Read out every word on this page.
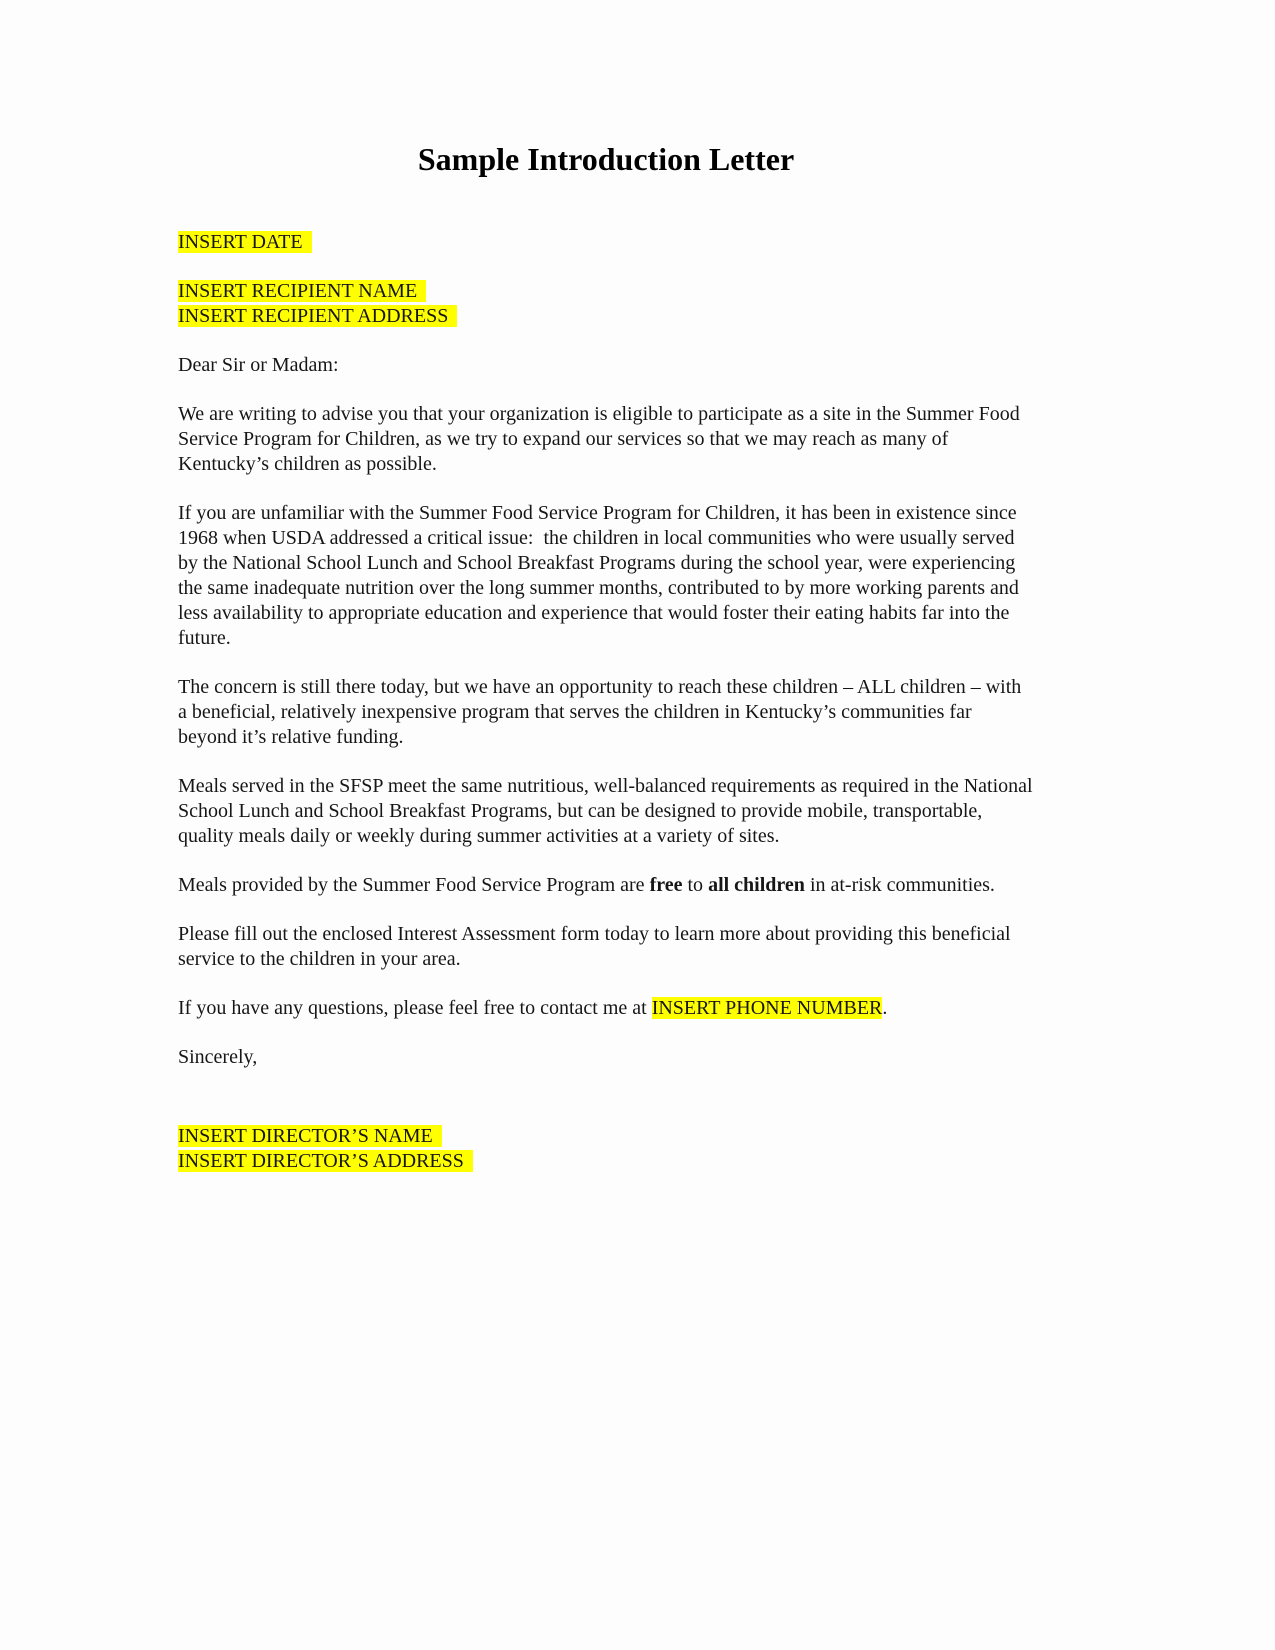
Sample Introduction Letter
INSERT DATE
INSERT RECIPIENT NAME
INSERT RECIPIENT ADDRESS
Dear Sir or Madam:

We are writing to advise you that your organization is eligible to participate as a site in the Summer Food Service Program for Children, as we try to expand our services so that we may reach as many of Kentucky’s children as possible.

If you are unfamiliar with the Summer Food Service Program for Children, it has been in existence since 1968 when USDA addressed a critical issue:  the children in local communities who were usually served by the National School Lunch and School Breakfast Programs during the school year, were experiencing the same inadequate nutrition over the long summer months, contributed to by more working parents and less availability to appropriate education and experience that would foster their eating habits far into the future.

The concern is still there today, but we have an opportunity to reach these children – ALL children – with a beneficial, relatively inexpensive program that serves the children in Kentucky’s communities far beyond it’s relative funding.

Meals served in the SFSP meet the same nutritious, well-balanced requirements as required in the National School Lunch and School Breakfast Programs, but can be designed to provide mobile, transportable, quality meals daily or weekly during summer activities at a variety of sites.

Meals provided by the Summer Food Service Program are free to all children in at-risk communities.

Please fill out the enclosed Interest Assessment form today to learn more about providing this beneficial service to the children in your area.

If you have any questions, please feel free to contact me at INSERT PHONE NUMBER.

Sincerely,
INSERT DIRECTOR’S NAME
INSERT DIRECTOR’S ADDRESS
